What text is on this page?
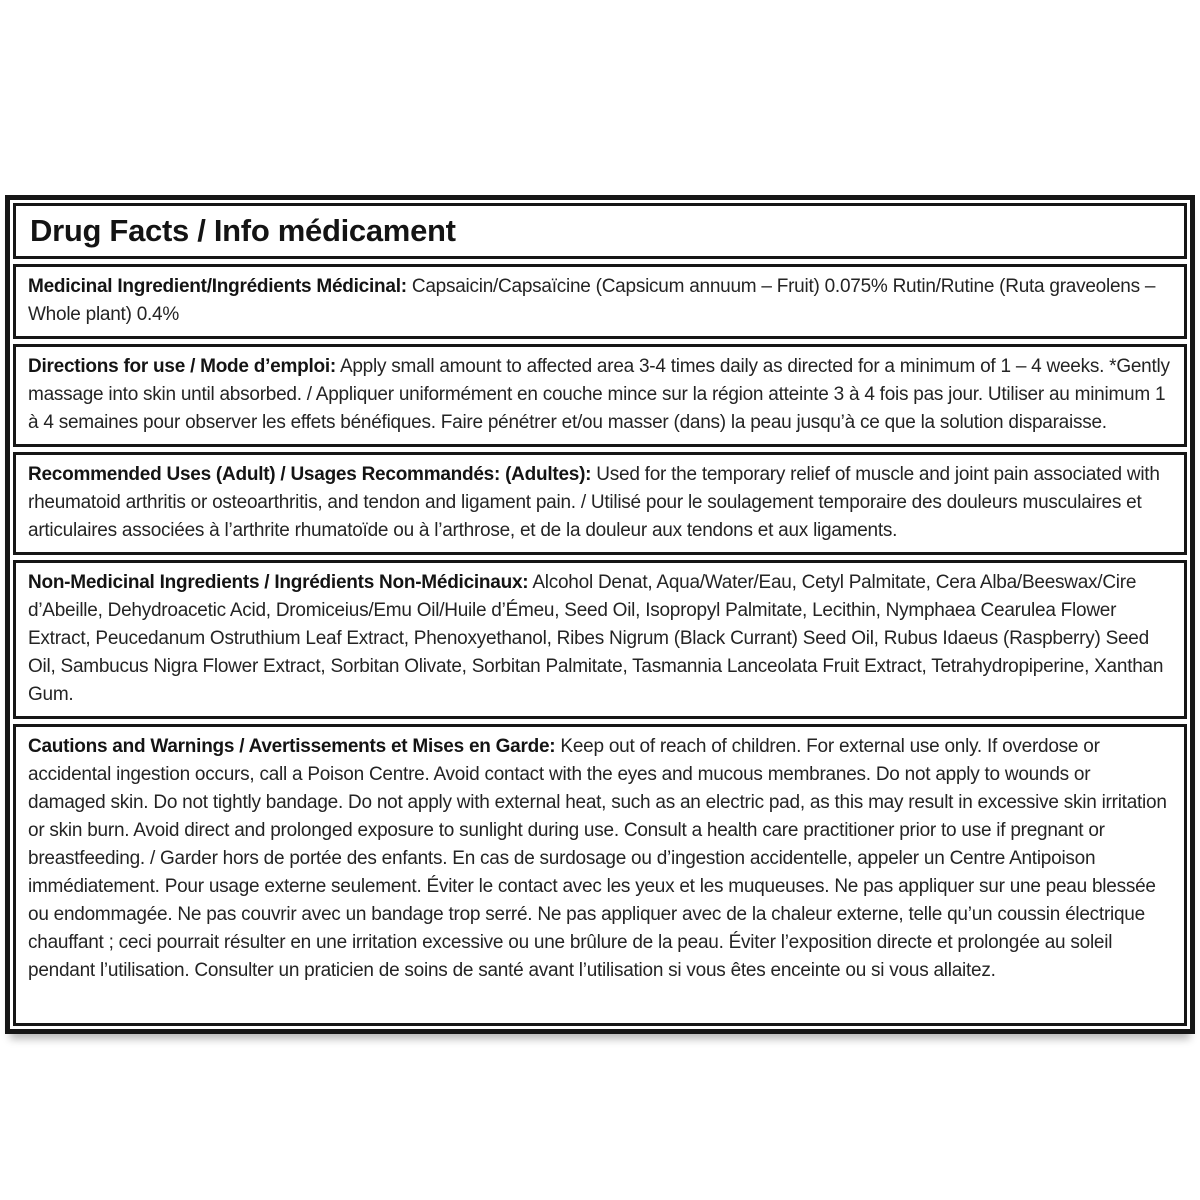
Drug Facts / Info médicament

Medicinal Ingredient/Ingrédients Médicinal: Capsaicin/Capsaïcine (Capsicum annuum – Fruit) 0.075% Rutin/Rutine (Ruta graveolens – Whole plant) 0.4%

Directions for use / Mode d’emploi: Apply small amount to affected area 3-4 times daily as directed for a minimum of 1 – 4 weeks. *Gently massage into skin until absorbed. / Appliquer uniformément en couche mince sur la région atteinte 3 à 4 fois pas jour. Utiliser au minimum 1 à 4 semaines pour observer les effets bénéfiques. Faire pénétrer et/ou masser (dans) la peau jusqu’à ce que la solution disparaisse.

Recommended Uses (Adult) / Usages Recommandés: (Adultes): Used for the temporary relief of muscle and joint pain associated with rheumatoid arthritis or osteoarthritis, and tendon and ligament pain. / Utilisé pour le soulagement temporaire des douleurs musculaires et articulaires associées à l’arthrite rhumatoïde ou à l’arthrose, et de la douleur aux tendons et aux ligaments.

Non-Medicinal Ingredients / Ingrédients Non-Médicinaux: Alcohol Denat, Aqua/Water/Eau, Cetyl Palmitate, Cera Alba/Beeswax/Cire d’Abeille, Dehydroacetic Acid, Dromiceius/Emu Oil/Huile d’Émeu, Seed Oil, Isopropyl Palmitate, Lecithin, Nymphaea Cearulea Flower Extract, Peucedanum Ostruthium Leaf Extract, Phenoxyethanol, Ribes Nigrum (Black Currant) Seed Oil, Rubus Idaeus (Raspberry) Seed Oil, Sambucus Nigra Flower Extract, Sorbitan Olivate, Sorbitan Palmitate, Tasmannia Lanceolata Fruit Extract, Tetrahydropiperine, Xanthan Gum.

Cautions and Warnings / Avertissements et Mises en Garde: Keep out of reach of children. For external use only. If overdose or accidental ingestion occurs, call a Poison Centre. Avoid contact with the eyes and mucous membranes. Do not apply to wounds or damaged skin. Do not tightly bandage. Do not apply with external heat, such as an electric pad, as this may result in excessive skin irritation or skin burn. Avoid direct and prolonged exposure to sunlight during use. Consult a health care practitioner prior to use if pregnant or breastfeeding. / Garder hors de portée des enfants. En cas de surdosage ou d’ingestion accidentelle, appeler un Centre Antipoison immédiatement. Pour usage externe seulement. Éviter le contact avec les yeux et les muqueuses. Ne pas appliquer sur une peau blessée ou endommagée. Ne pas couvrir avec un bandage trop serré. Ne pas appliquer avec de la chaleur externe, telle qu’un coussin électrique chauffant ; ceci pourrait résulter en une irritation excessive ou une brûlure de la peau. Éviter l’exposition directe et prolongée au soleil pendant l’utilisation. Consulter un praticien de soins de santé avant l’utilisation si vous êtes enceinte ou si vous allaitez.
